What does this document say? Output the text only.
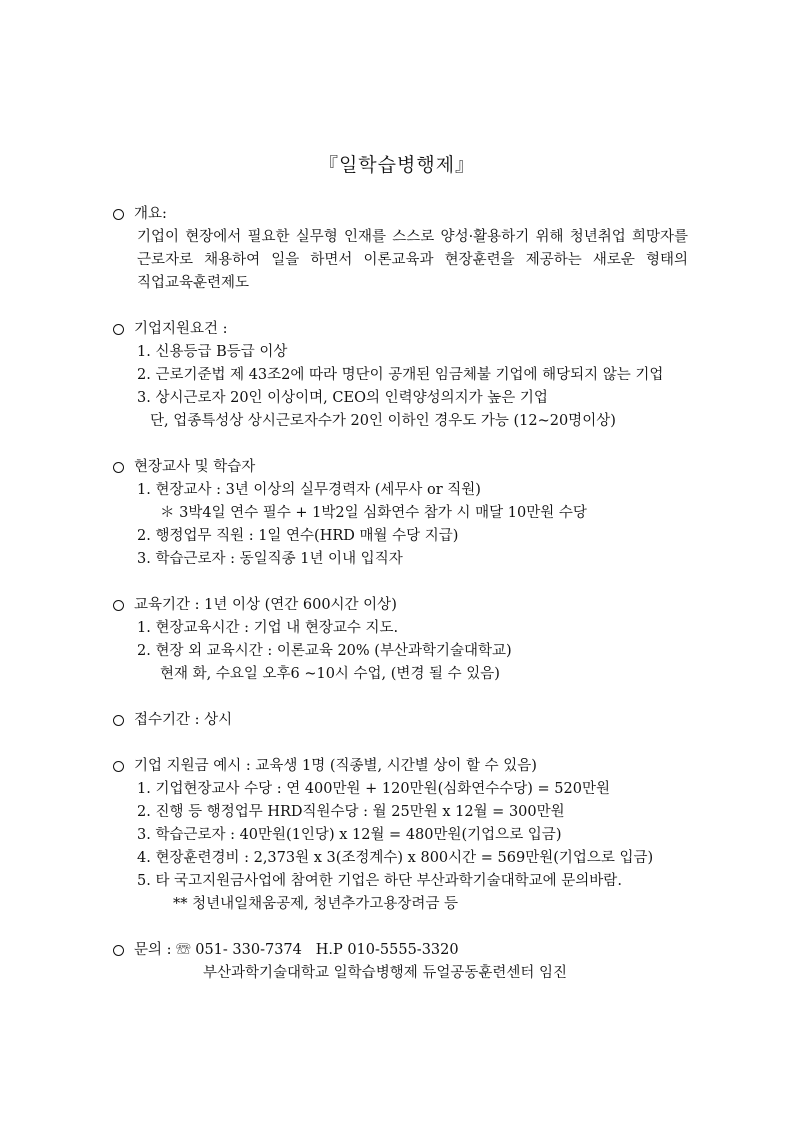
『일학습병행제』
개요:
기업이 현장에서 필요한 실무형 인재를 스스로 양성·활용하기 위해 청년취업 희망자를
근로자로 채용하여 일을 하면서 이론교육과 현장훈련을 제공하는 새로운 형태의
직업교육훈련제도
기업지원요건 :
1. 신용등급 B등급 이상
2. 근로기준법 제 43조2에 따라 명단이 공개된 임금체불 기업에 해당되지 않는 기업
3. 상시근로자 20인 이상이며, CEO의 인력양성의지가 높은 기업
단, 업종특성상 상시근로자수가 20인 이하인 경우도 가능 (12~20명이상)
현장교사 및 학습자
1. 현장교사 : 3년 이상의 실무경력자 (세무사 or 직원)
＊ 3박4일 연수 필수 + 1박2일 심화연수 참가 시 매달 10만원 수당
2. 행정업무 직원 : 1일 연수(HRD 매월 수당 지급)
3. 학습근로자 : 동일직종 1년 이내 입직자
교육기간 : 1년 이상 (연간 600시간 이상)
1. 현장교육시간 : 기업 내 현장교수 지도.
2. 현장 외 교육시간 : 이론교육 20% (부산과학기술대학교)
현재 화, 수요일 오후6 ~10시 수업, (변경 될 수 있음)
접수기간 : 상시
기업 지원금 예시 : 교육생 1명 (직종별, 시간별 상이 할 수 있음)
1. 기업현장교사 수당 : 연 400만원 + 120만원(심화연수수당) = 520만원
2. 진행 등 행정업무 HRD직원수당 : 월 25만원 x 12월 = 300만원
3. 학습근로자 : 40만원(1인당) x 12월 = 480만원(기업으로 입금)
4. 현장훈련경비 : 2,373원 x 3(조정계수) x 800시간 = 569만원(기업으로 입금)
5. 타 국고지원금사업에 참여한 기업은 하단 부산과학기술대학교에 문의바람.
** 청년내일채움공제, 청년추가고용장려금 등
문의 : ☏ 051- 330-7374   H.P 010-5555-3320
부산과학기술대학교 일학습병행제 듀얼공동훈련센터 임진
